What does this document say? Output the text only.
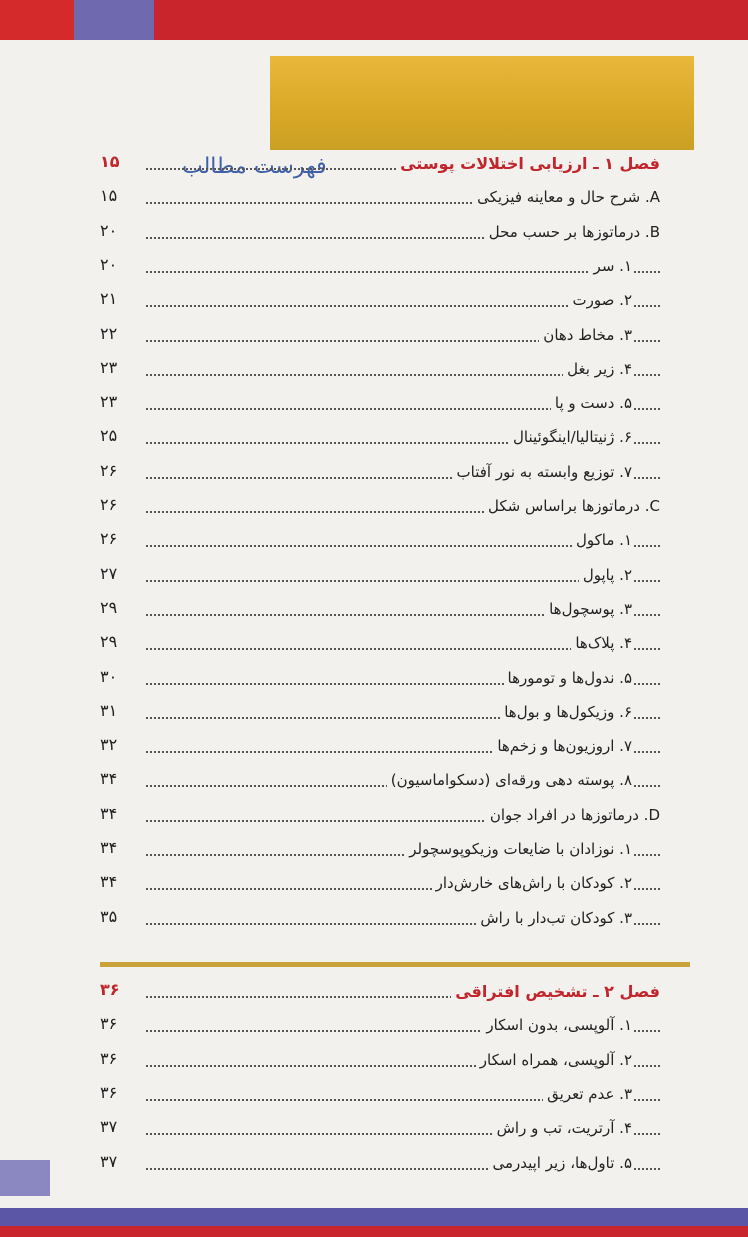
فهرست مطالب	فصل ۱ ـ ارزیابی اختلالات پوستی
۱۵
A. شرح حال و معاینه فیزیکی
۱۵
B. درماتوزها بر حسب محل
۲۰
۱. سر
۲۰
۲. صورت
۲۱
۳. مخاط دهان
۲۲
۴. زیر بغل
۲۳
۵. دست و پا
۲۳
۶. ژنیتالیا/اینگوئینال
۲۵
۷. توزیع وابسته به نور آفتاب
۲۶
C. درماتوزها براساس شکل
۲۶
۱. ماکول
۲۶
۲. پاپول
۲۷
۳. پوسچول‌ها
۲۹
۴. پلاک‌ها
۲۹
۵. ندول‌ها و تومورها
۳۰
۶. وزیکول‌ها و بول‌ها
۳۱
۷. اروزیون‌ها و زخم‌ها
۳۲
۸. پوسته دهی ورقه‌ای (دسکواماسیون)
۳۴
D. درماتوزها در افراد جوان
۳۴
۱. نوزادان با ضایعات وزیکوپوسچولر
۳۴
۲. کودکان با راش‌های خارش‌دار
۳۴
۳. کودکان تب‌دار با راش
۳۵
فصل ۲ ـ تشخیص افتراقی
۳۶
۱. آلوپسی، بدون اسکار
۳۶
۲. آلوپسی، همراه اسکار
۳۶
۳. عدم تعریق
۳۶
۴. آرتریت، تب و راش
۳۷
۵. تاول‌ها، زیر اپیدرمی
۳۷
